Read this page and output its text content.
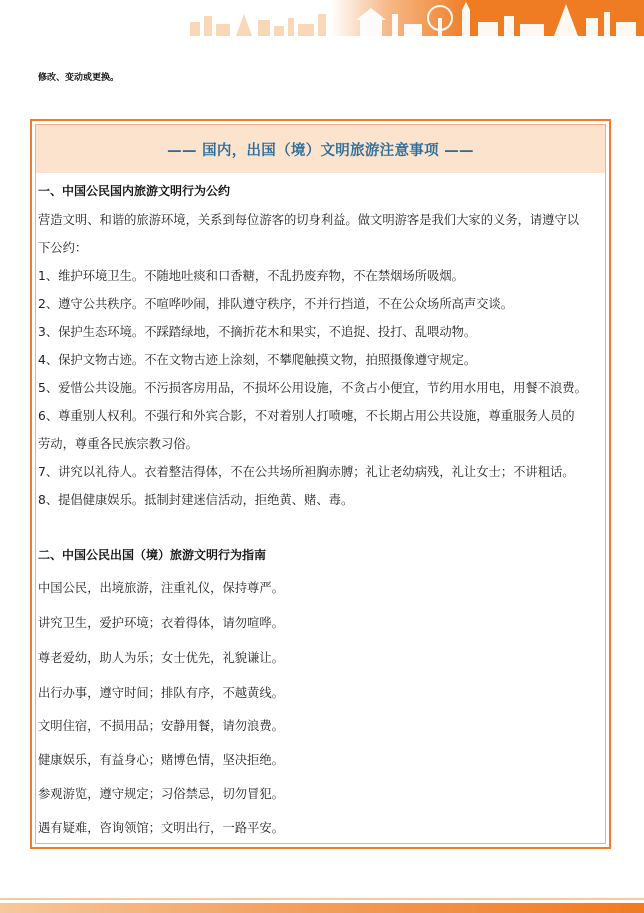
修改、变动或更换。
—— 国内，出国（境）文明旅游注意事项 ——
一、中国公民国内旅游文明行为公约
营造文明、和谐的旅游环境，关系到每位游客的切身利益。做文明游客是我们大家的义务，请遵守以
下公约：
1、维护环境卫生。不随地吐痰和口香糖，不乱扔废弃物，不在禁烟场所吸烟。
2、遵守公共秩序。不喧哗吵闹，排队遵守秩序，不并行挡道，不在公众场所高声交谈。
3、保护生态环境。不踩踏绿地，不摘折花木和果实，不追捉、投打、乱喂动物。
4、保护文物古迹。不在文物古迹上涂刻，不攀爬触摸文物，拍照摄像遵守规定。
5、爱惜公共设施。不污损客房用品，不损坏公用设施，不贪占小便宜，节约用水用电，用餐不浪费。
6、尊重别人权利。不强行和外宾合影，不对着别人打喷嚏，不长期占用公共设施，尊重服务人员的
劳动，尊重各民族宗教习俗。
7、讲究以礼待人。衣着整洁得体，不在公共场所袒胸赤膊；礼让老幼病残，礼让女士；不讲粗话。
8、提倡健康娱乐。抵制封建迷信活动，拒绝黄、赌、毒。
二、中国公民出国（境）旅游文明行为指南
中国公民，出境旅游，注重礼仪，保持尊严。
讲究卫生，爱护环境；衣着得体，请勿喧哗。
尊老爱幼，助人为乐；女士优先，礼貌谦让。
出行办事，遵守时间；排队有序，不越黄线。
文明住宿，不损用品；安静用餐，请勿浪费。
健康娱乐，有益身心；赌博色情，坚决拒绝。
参观游览，遵守规定；习俗禁忌，切勿冒犯。
遇有疑难，咨询领馆；文明出行，一路平安。
